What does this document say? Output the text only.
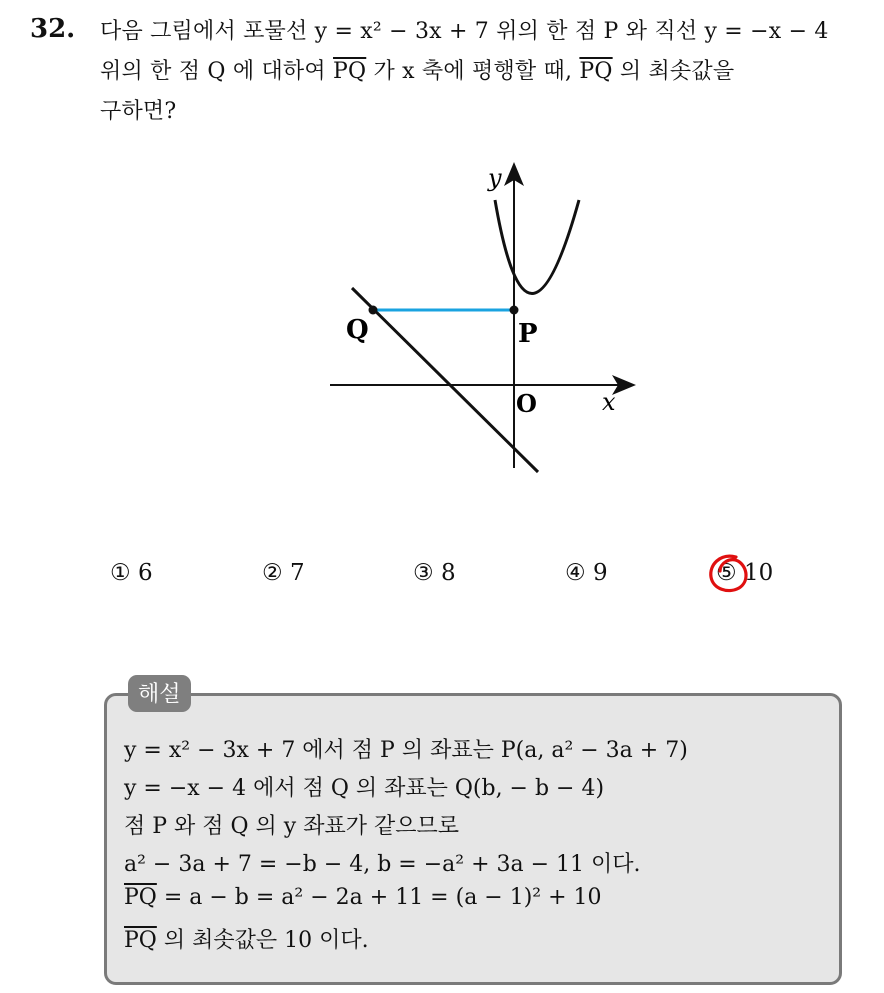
32. 다음 그림에서 포물선 y = x² − 3x + 7 위의 한 점 P 와 직선 y = −x − 4
위의 한 점 Q 에 대하여 $\overline{PQ}$ 가 x 축에 평행할 때, $\overline{PQ}$ 의 최솟값을
구하면?
y
x
O
P
Q
① 6	② 7	③ 8	④ 9	⑤ 10
해설
y = x² − 3x + 7 에서 점 P 의 좌표는 P(a, a² − 3a + 7)
y = −x − 4 에서 점 Q 의 좌표는 Q(b, − b − 4)
점 P 와 점 Q 의 y 좌표가 같으므로
a² − 3a + 7 = −b − 4, b = −a² + 3a − 11 이다.
$\overline{PQ} = a - b = a^2 - 2a + 11 = (a - 1)^2 + 10$
$\overline{PQ}$ 의 최솟값은 10 이다.
